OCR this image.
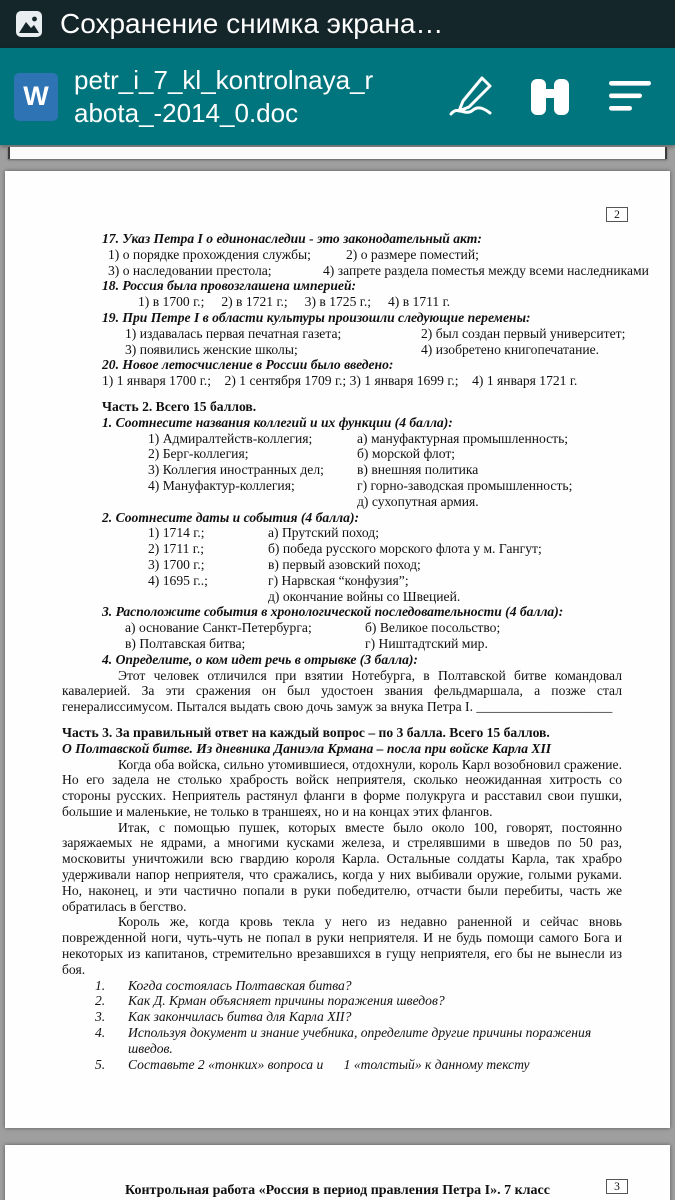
Сохранение снимка экрана…
W
petr_i_7_kl_kontrolnaya_r
abota_-2014_0.doc
2
17. Указ Петра I о единонаследии - это законодательный акт:
1) о порядке прохождения службы;	2) о размере поместий;
3) о наследовании престола;	4) запрете раздела поместья между всеми наследниками
18. Россия была провозглашена империей:
1) в 1700 г.;     2) в 1721 г.;     3) в 1725 г.;     4) в 1711 г.
19. При Петре I в области культуры произошли следующие перемены:
1) издавалась первая печатная газета;	2) был создан первый университет;
3) появились женские школы;	4) изобретено книгопечатание.
20. Новое летосчисление в России было введено:
1) 1 января 1700 г.;    2) 1 сентября 1709 г.; 3) 1 января 1699 г.;    4) 1 января 1721 г.
Часть 2. Всего 15 баллов.
1. Соотнесите названия коллегий и их функции (4 балла):
1) Адмиралтейств-коллегия;	а) мануфактурная промышленность;
2) Берг-коллегия;	б) морской флот;
3) Коллегия иностранных дел;	в) внешняя политика
4) Мануфактур-коллегия;	г) горно-заводская промышленность;
д) сухопутная армия.
2. Соотнесите даты и события (4 балла):
1) 1714 г.;	а) Прутский поход;
2) 1711 г.;	б) победа русского морского флота у м. Гангут;
3) 1700 г.;	в) первый азовский поход;
4) 1695 г..;	г) Нарвская “конфузия”;
д) окончание войны со Швецией.
3. Расположите события в хронологической последовательности (4 балла):
а) основание Санкт-Петербурга;	б) Великое посольство;
в) Полтавская битва;	г) Ништадтский мир.
4. Определите, о ком идет речь в отрывке (3 балла):
Этот человек отличился при взятии Нотебурга, в Полтавской битве командовал кавалерией. За эти сражения он был удостоен звания фельдмаршала, а позже стал генералиссимусом. Пытался выдать свою дочь замуж за внука Петра I. ____________________
Часть 3. За правильный ответ на каждый вопрос – по 3 балла. Всего 15 баллов.
О Полтавской битве. Из дневника Даниэла Крмана – посла при войске Карла XII
Когда оба войска, сильно утомившиеся, отдохнули, король Карл возобновил сражение. Но его задела не столько храбрость войск неприятеля, сколько неожиданная хитрость со стороны русских. Неприятель растянул фланги в форме полукруга и расставил свои пушки, большие и маленькие, не только в траншеях, но и на концах этих флангов.
Итак, с помощью пушек, которых вместе было около 100, говорят, постоянно заряжаемых не ядрами, а многими кусками железа, и стрелявшими в шведов по 50 раз, московиты уничтожили всю гвардию короля Карла. Остальные солдаты Карла, так храбро удерживали напор неприятеля, что сражались, когда у них выбивали оружие, голыми руками. Но, наконец, и эти частично попали в руки победителю, отчасти были перебиты, часть же обратилась в бегство.
Король же, когда кровь текла у него из недавно раненной и сейчас вновь поврежденной ноги, чуть-чуть не попал в руки неприятеля. И не будь помощи самого Бога и некоторых из капитанов, стремительно врезавшихся в гущу неприятеля, его бы не вынесли из боя.
1.	Когда состоялась Полтавская битва?
2.	Как Д. Крман объясняет причины поражения шведов?
3.	Как закончилась битва для Карла XII?
4.	Используя документ и знание учебника, определите другие причины поражения шведов.
5.	Составьте 2 «тонких» вопроса и      1 «толстый» к данному тексту
3
Контрольная работа «Россия в период правления Петра I». 7 класс
